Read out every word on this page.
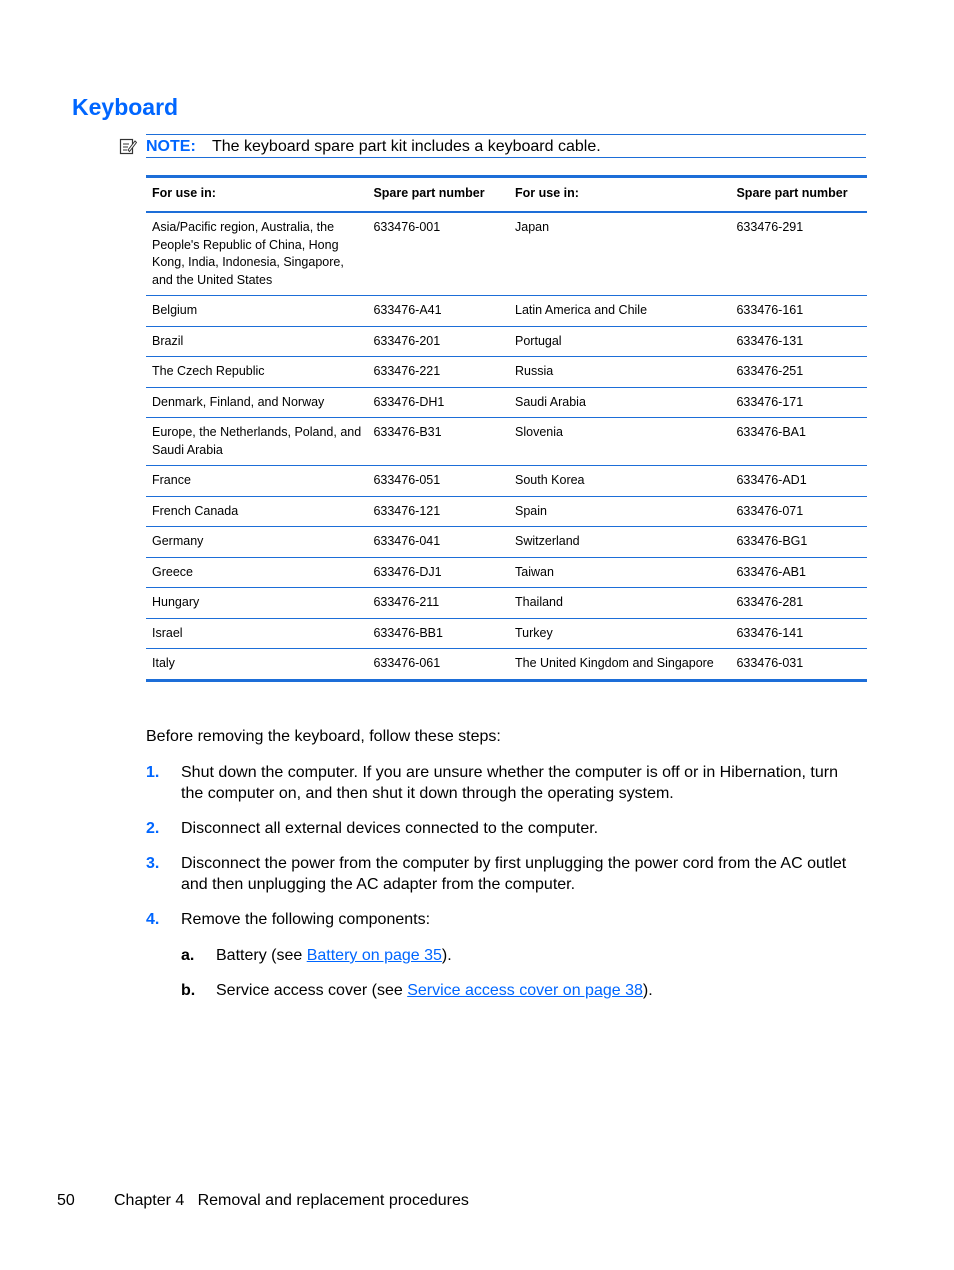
Keyboard
NOTE: The keyboard spare part kit includes a keyboard cable.
For use in:	Spare part number	For use in:	Spare part number
Asia/Pacific region, Australia, the People's Republic of China, Hong Kong, India, Indonesia, Singapore, and the United States	633476-001	Japan	633476-291
Belgium	633476-A41	Latin America and Chile	633476-161
Brazil	633476-201	Portugal	633476-131
The Czech Republic	633476-221	Russia	633476-251
Denmark, Finland, and Norway	633476-DH1	Saudi Arabia	633476-171
Europe, the Netherlands, Poland, and Saudi Arabia	633476-B31	Slovenia	633476-BA1
France	633476-051	South Korea	633476-AD1
French Canada	633476-121	Spain	633476-071
Germany	633476-041	Switzerland	633476-BG1
Greece	633476-DJ1	Taiwan	633476-AB1
Hungary	633476-211	Thailand	633476-281
Israel	633476-BB1	Turkey	633476-141
Italy	633476-061	The United Kingdom and Singapore	633476-031
Before removing the keyboard, follow these steps:
1. Shut down the computer. If you are unsure whether the computer is off or in Hibernation, turn the computer on, and then shut it down through the operating system.
2. Disconnect all external devices connected to the computer.
3. Disconnect the power from the computer by first unplugging the power cord from the AC outlet and then unplugging the AC adapter from the computer.
4. Remove the following components:
a. Battery (see Battery on page 35).
b. Service access cover (see Service access cover on page 38).
50 Chapter 4   Removal and replacement procedures
